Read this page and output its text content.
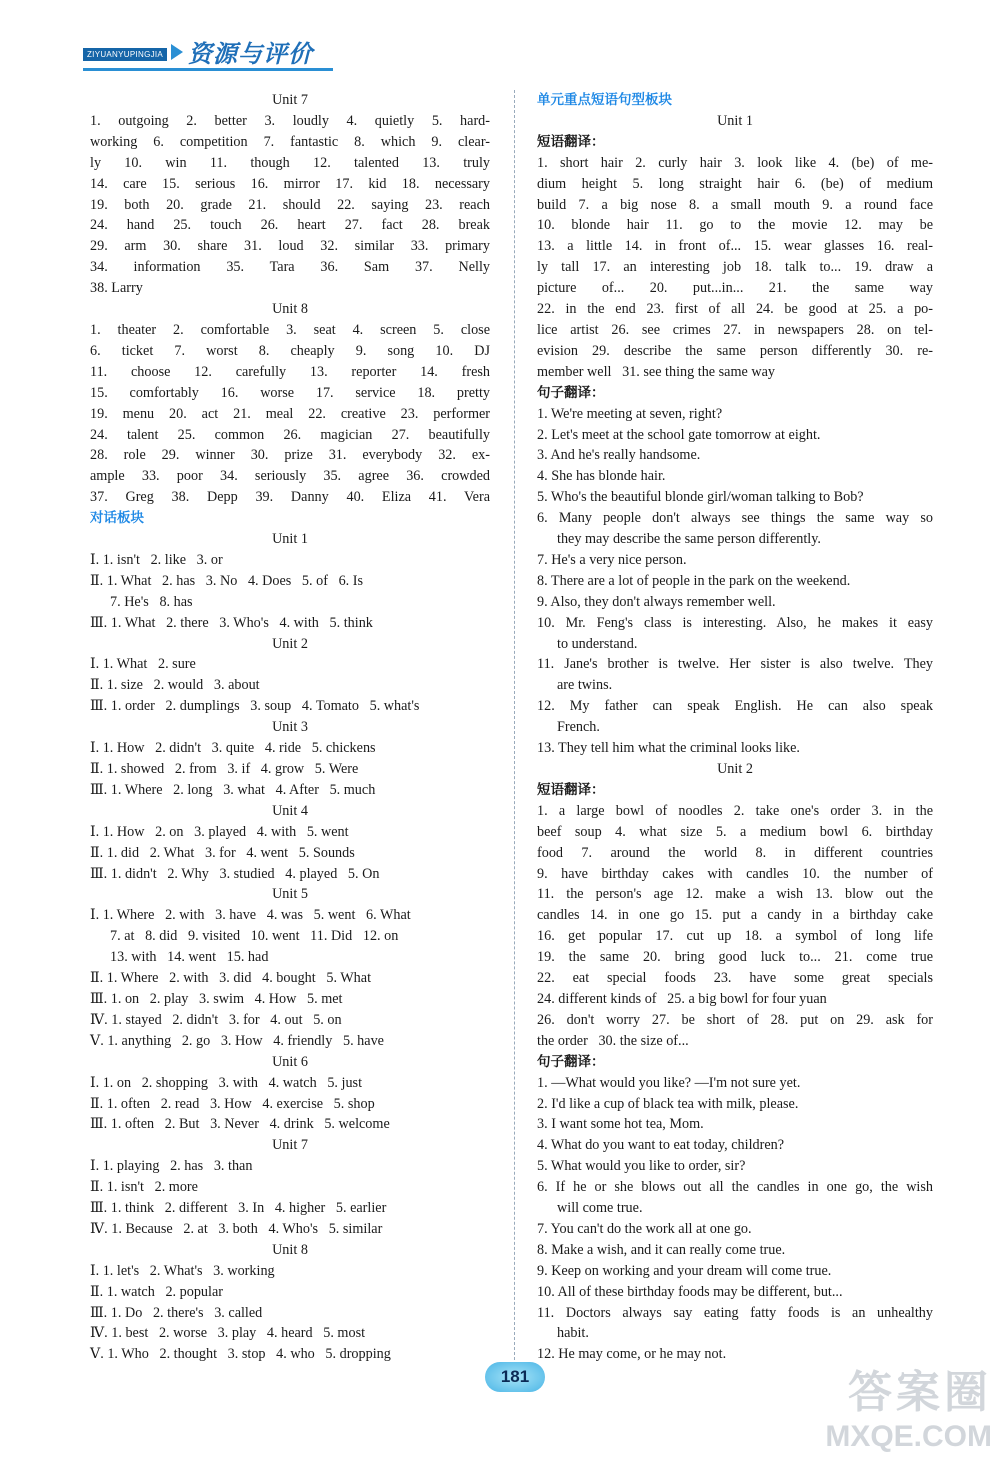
ZIYUANYUPINGJIA 资源与评价
Unit 7
1. outgoing 2. better 3. loudly 4. quietly 5. hard-
working 6. competition 7. fantastic 8. which 9. clear-
ly 10. win 11. though 12. talented 13. truly
14. care 15. serious 16. mirror 17. kid 18. necessary
19. both 20. grade 21. should 22. saying 23. reach
24. hand 25. touch 26. heart 27. fact 28. break
29. arm 30. share 31. loud 32. similar 33. primary
34. information 35. Tara 36. Sam 37. Nelly
38. Larry
Unit 8
1. theater 2. comfortable 3. seat 4. screen 5. close
6. ticket 7. worst 8. cheaply 9. song 10. DJ
11. choose 12. carefully 13. reporter 14. fresh
15. comfortably 16. worse 17. service 18. pretty
19. menu 20. act 21. meal 22. creative 23. performer
24. talent 25. common 26. magician 27. beautifully
28. role 29. winner 30. prize 31. everybody 32. ex-
ample 33. poor 34. seriously 35. agree 36. crowded
37. Greg 38. Depp 39. Danny 40. Eliza 41. Vera
对话板块
Unit 1
Ⅰ. 1. isn't   2. like   3. or
Ⅱ. 1. What   2. has   3. No   4. Does   5. of   6. Is
7. He's   8. has
Ⅲ. 1. What   2. there   3. Who's   4. with   5. think
Unit 2
Ⅰ. 1. What   2. sure
Ⅱ. 1. size   2. would   3. about
Ⅲ. 1. order   2. dumplings   3. soup   4. Tomato   5. what's
Unit 3
Ⅰ. 1. How   2. didn't   3. quite   4. ride   5. chickens
Ⅱ. 1. showed   2. from   3. if   4. grow   5. Were
Ⅲ. 1. Where   2. long   3. what   4. After   5. much
Unit 4
Ⅰ. 1. How   2. on   3. played   4. with   5. went
Ⅱ. 1. did   2. What   3. for   4. went   5. Sounds
Ⅲ. 1. didn't   2. Why   3. studied   4. played   5. On
Unit 5
Ⅰ. 1. Where   2. with   3. have   4. was   5. went   6. What
7. at   8. did   9. visited   10. went   11. Did   12. on
13. with   14. went   15. had
Ⅱ. 1. Where   2. with   3. did   4. bought   5. What
Ⅲ. 1. on   2. play   3. swim   4. How   5. met
Ⅳ. 1. stayed   2. didn't   3. for   4. out   5. on
Ⅴ. 1. anything   2. go   3. How   4. friendly   5. have
Unit 6
Ⅰ. 1. on   2. shopping   3. with   4. watch   5. just
Ⅱ. 1. often   2. read   3. How   4. exercise   5. shop
Ⅲ. 1. often   2. But   3. Never   4. drink   5. welcome
Unit 7
Ⅰ. 1. playing   2. has   3. than
Ⅱ. 1. isn't   2. more
Ⅲ. 1. think   2. different   3. In   4. higher   5. earlier
Ⅳ. 1. Because   2. at   3. both   4. Who's   5. similar
Unit 8
Ⅰ. 1. let's   2. What's   3. working
Ⅱ. 1. watch   2. popular
Ⅲ. 1. Do   2. there's   3. called
Ⅳ. 1. best   2. worse   3. play   4. heard   5. most
Ⅴ. 1. Who   2. thought   3. stop   4. who   5. dropping
单元重点短语句型板块
Unit 1
短语翻译：
1. short hair 2. curly hair 3. look like 4. (be) of me-
dium height 5. long straight hair 6. (be) of medium
build 7. a big nose 8. a small mouth 9. a round face
10. blonde hair 11. go to the movie 12. may be
13. a little 14. in front of... 15. wear glasses 16. real-
ly tall 17. an interesting job 18. talk to... 19. draw a
picture of... 20. put...in... 21. the same way
22. in the end 23. first of all 24. be good at 25. a po-
lice artist 26. see crimes 27. in newspapers 28. on tel-
evision 29. describe the same person differently 30. re-
member well   31. see thing the same way
句子翻译：
1. We're meeting at seven, right?
2. Let's meet at the school gate tomorrow at eight.
3. And he's really handsome.
4. She has blonde hair.
5. Who's the beautiful blonde girl/woman talking to Bob?
6. Many people don't always see things the same way so
they may describe the same person differently.
7. He's a very nice person.
8. There are a lot of people in the park on the weekend.
9. Also, they don't always remember well.
10. Mr. Feng's class is interesting. Also, he makes it easy
to understand.
11. Jane's brother is twelve. Her sister is also twelve. They
are twins.
12. My father can speak English. He can also speak
French.
13. They tell him what the criminal looks like.
Unit 2
短语翻译：
1. a large bowl of noodles 2. take one's order 3. in the
beef soup 4. what size 5. a medium bowl 6. birthday
food 7. around the world 8. in different countries
9. have birthday cakes with candles 10. the number of
11. the person's age 12. make a wish 13. blow out the
candles 14. in one go 15. put a candy in a birthday cake
16. get popular 17. cut up 18. a symbol of long life
19. the same 20. bring good luck to... 21. come true
22. eat special foods 23. have some great specials
24. different kinds of   25. a big bowl for four yuan
26. don't worry 27. be short of 28. put on 29. ask for
the order   30. the size of...
句子翻译：
1. —What would you like? —I'm not sure yet.
2. I'd like a cup of black tea with milk, please.
3. I want some hot tea, Mom.
4. What do you want to eat today, children?
5. What would you like to order, sir?
6. If he or she blows out all the candles in one go, the wish
will come true.
7. You can't do the work all at one go.
8. Make a wish, and it can really come true.
9. Keep on working and your dream will come true.
10. All of these birthday foods may be different, but...
11. Doctors always say eating fatty foods is an unhealthy
habit.
12. He may come, or he may not.
181	答案圈
MXQE.COM
